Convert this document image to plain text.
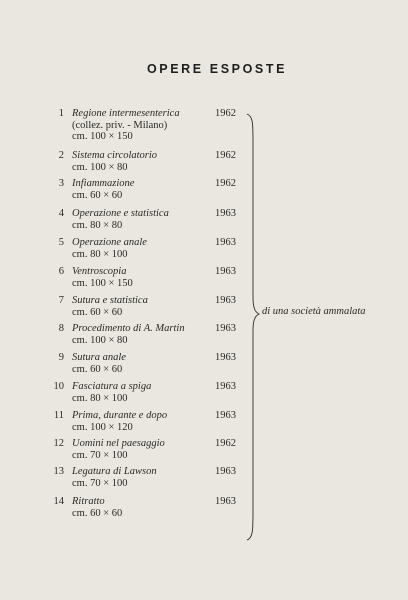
OPERE ESPOSTE
1 Regione intermesenterica
(collez. priv. - Milano)
cm. 100 × 150
1962
2 Sistema circolatorio
cm. 100 × 80
1962
3 Infiammazione
cm. 60 × 60
1962
4 Operazione e statistica
cm. 80 × 80
1963
5 Operazione anale
cm. 80 × 100
1963
6 Ventroscopia
cm. 100 × 150
1963
7 Sutura e statistica
cm. 60 × 60
1963
8 Procedimento di A. Martin
cm. 100 × 80
1963
9 Sutura anale
cm. 60 × 60
1963
10 Fasciatura a spiga
cm. 80 × 100
1963
11 Prima, durante e dopo
cm. 100 × 120
1963
12 Uomini nel paesaggio
cm. 70 × 100
1962
13 Legatura di Lawson
cm. 70 × 100
1963
14 Ritratto
cm. 60 × 60
1963
di una società ammalata
